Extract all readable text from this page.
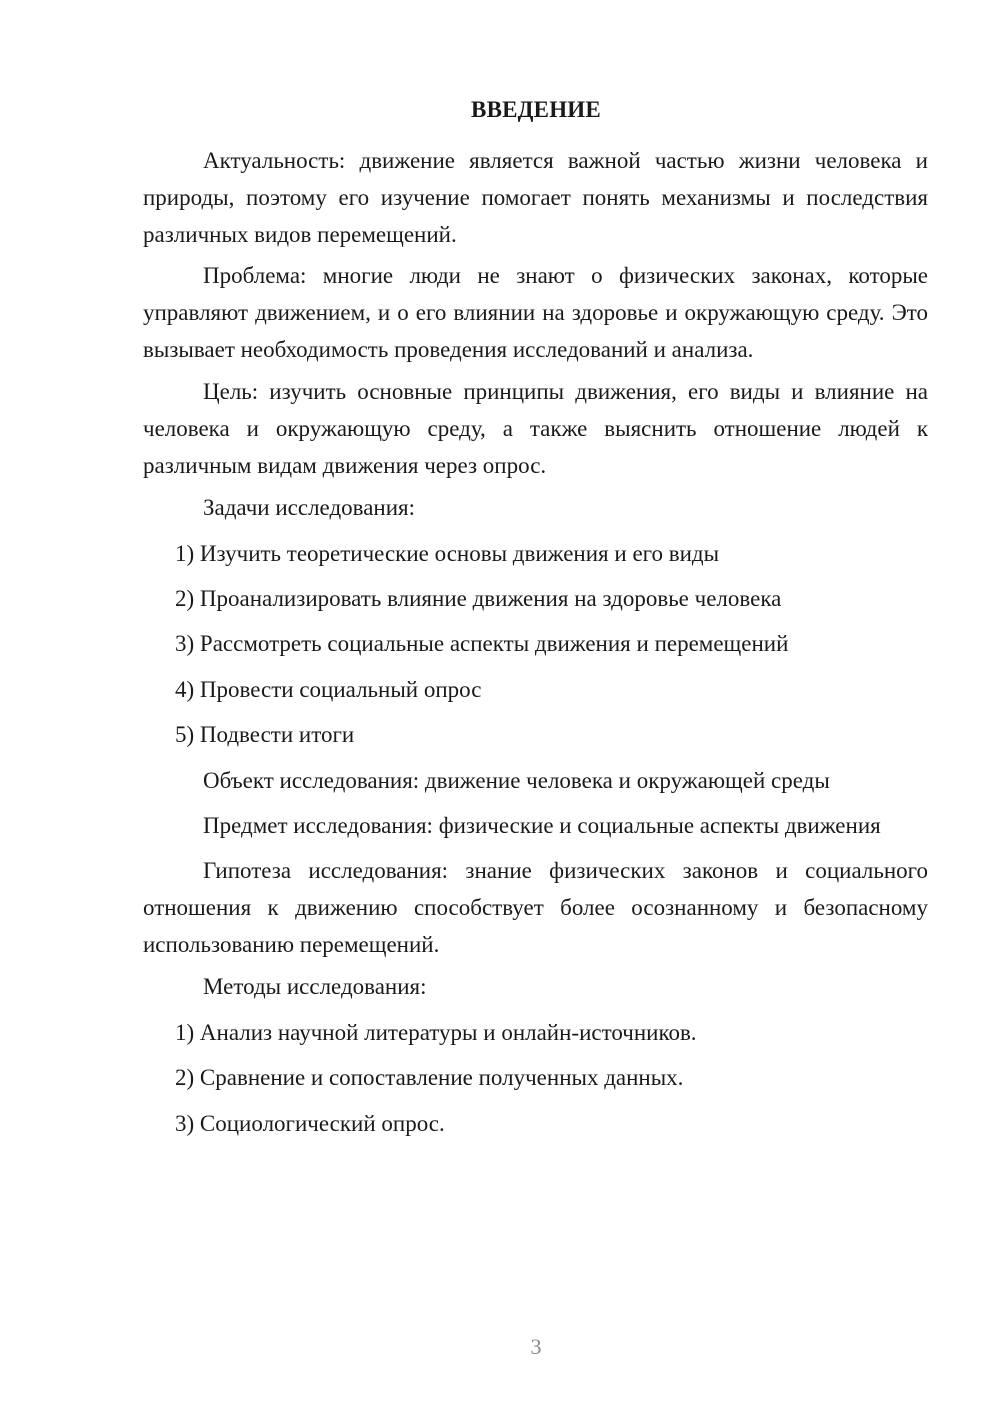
ВВЕДЕНИЕ

Актуальность: движение является важной частью жизни человека и природы, поэтому его изучение помогает понять механизмы и последствия различных видов перемещений.

Проблема: многие люди не знают о физических законах, которые управляют движением, и о его влиянии на здоровье и окружающую среду. Это вызывает необходимость проведения исследований и анализа.

Цель: изучить основные принципы движения, его виды и влияние на человека и окружающую среду, а также выяснить отношение людей к различным видам движения через опрос.

Задачи исследования:

1) Изучить теоретические основы движения и его виды

2) Проанализировать влияние движения на здоровье человека

3) Рассмотреть социальные аспекты движения и перемещений

4) Провести социальный опрос

5) Подвести итоги

Объект исследования: движение человека и окружающей среды

Предмет исследования: физические и социальные аспекты движения

Гипотеза исследования: знание физических законов и социального отношения к движению способствует более осознанному и безопасному использованию перемещений.

Методы исследования:

1) Анализ научной литературы и онлайн-источников.

2) Сравнение и сопоставление полученных данных.

3) Социологический опрос.

3
